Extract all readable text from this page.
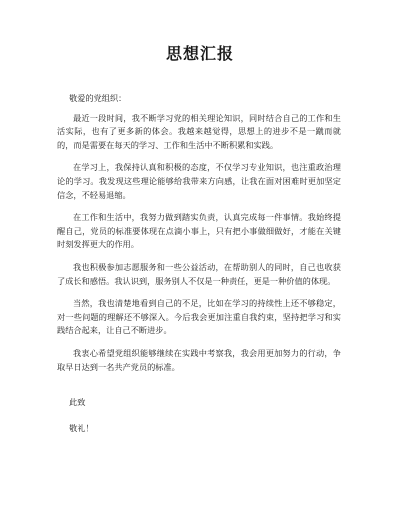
思想汇报
敬爱的党组织：

最近一段时间，我不断学习党的相关理论知识，同时结合自己的工作和生活实际，也有了更多新的体会。我越来越觉得，思想上的进步不是一蹴而就的，而是需要在每天的学习、工作和生活中不断积累和实践。

在学习上，我保持认真和积极的态度，不仅学习专业知识，也注重政治理论的学习。我发现这些理论能够给我带来方向感，让我在面对困难时更加坚定信念，不轻易退缩。

在工作和生活中，我努力做到踏实负责，认真完成每一件事情。我始终提醒自己，党员的标准要体现在点滴小事上，只有把小事做细做好，才能在关键时刻发挥更大的作用。

我也积极参加志愿服务和一些公益活动，在帮助别人的同时，自己也收获了成长和感悟。我认识到，服务别人不仅是一种责任，更是一种价值的体现。

当然，我也清楚地看到自己的不足，比如在学习的持续性上还不够稳定，对一些问题的理解还不够深入。今后我会更加注重自我约束，坚持把学习和实践结合起来，让自己不断进步。

我衷心希望党组织能够继续在实践中考察我，我会用更加努力的行动，争取早日达到一名共产党员的标准。

此致
敬礼！
